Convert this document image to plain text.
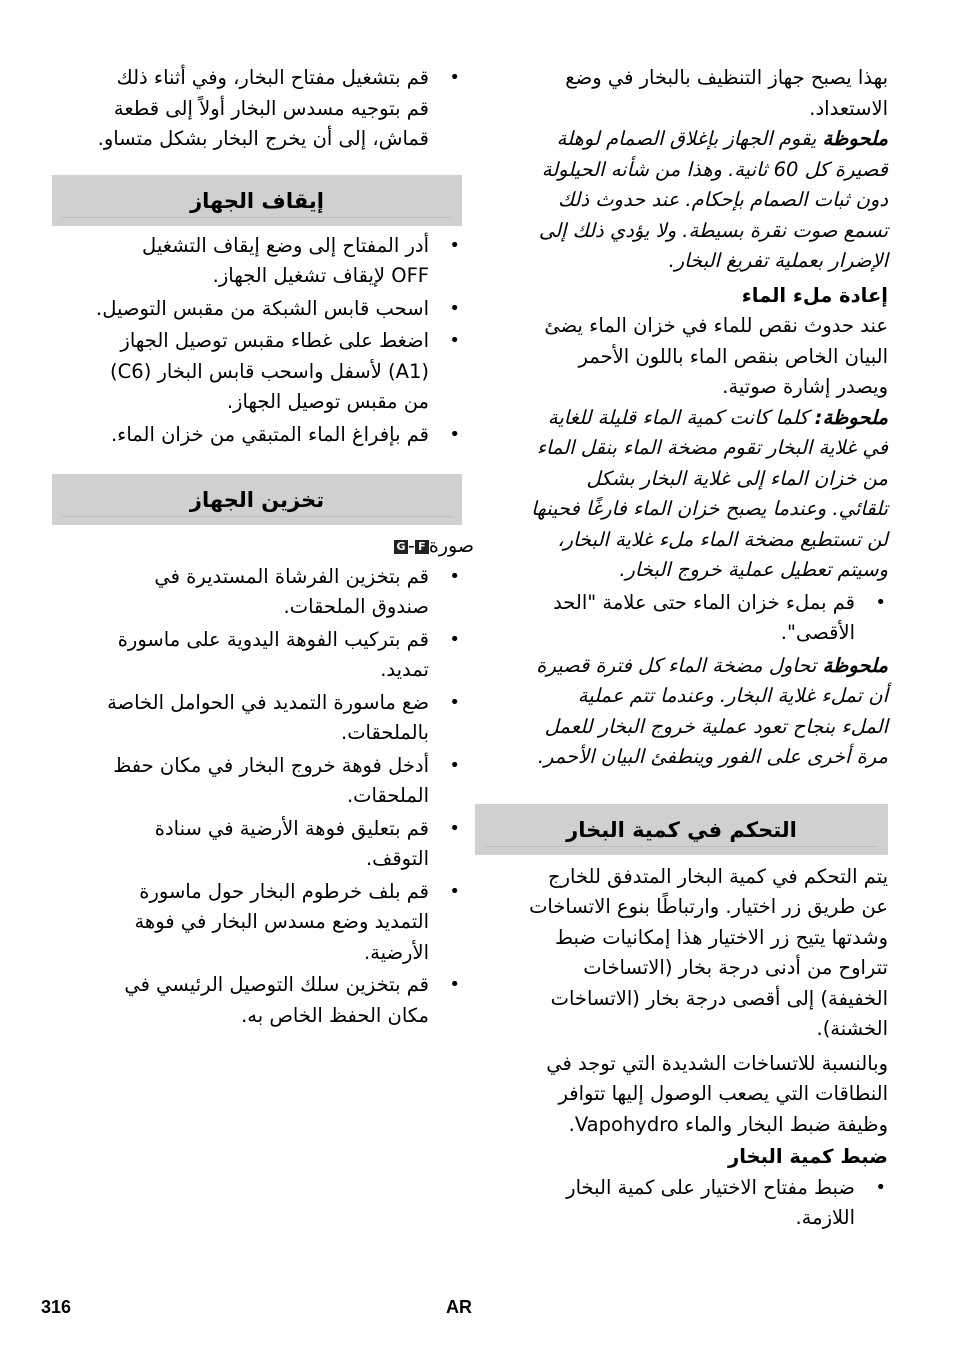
بهذا يصبح جهاز التنظيف بالبخار في وضع
الاستعداد.

ملحوظة يقوم الجهاز بإغلاق الصمام لوهلة
قصيرة كل 60 ثانية. وهذا من شأنه الحيلولة
دون ثبات الصمام بإحكام. عند حدوث ذلك
تسمع صوت نقرة بسيطة. ولا يؤدي ذلك إلى
الإضرار بعملية تفريغ البخار.

إعادة ملء الماء

عند حدوث نقص للماء في خزان الماء يضئ
البيان الخاص بنقص الماء باللون الأحمر
ويصدر إشارة صوتية.

ملحوظة: كلما كانت كمية الماء قليلة للغاية
في غلاية البخار تقوم مضخة الماء بنقل الماء
من خزان الماء إلى غلاية البخار بشكل
تلقائي. وعندما يصبح خزان الماء فارغًا فحينها
لن تستطيع مضخة الماء ملء غلاية البخار،
وسيتم تعطيل عملية خروج البخار.

• قم بملء خزان الماء حتى علامة "الحد
الأقصى".

ملحوظة تحاول مضخة الماء كل فترة قصيرة
أن تملء غلاية البخار. وعندما تتم عملية
الملء بنجاح تعود عملية خروج البخار للعمل
مرة أخرى على الفور وينطفئ البيان الأحمر.

التحكم في كمية البخار

يتم التحكم في كمية البخار المتدفق للخارج
عن طريق زر اختيار. وارتباطًا بنوع الاتساخات
وشدتها يتيح زر الاختيار هذا إمكانيات ضبط
تتراوح من أدنى درجة بخار (الاتساخات
الخفيفة) إلى أقصى درجة بخار (الاتساخات
الخشنة).

وبالنسبة للاتساخات الشديدة التي توجد في
النطاقات التي يصعب الوصول إليها تتوافر
وظيفة ضبط البخار والماء Vapohydro.

ضبط كمية البخار

• ضبط مفتاح الاختيار على كمية البخار
اللازمة.
• قم بتشغيل مفتاح البخار، وفي أثناء ذلك
قم بتوجيه مسدس البخار أولاً إلى قطعة
قماش، إلى أن يخرج البخار بشكل متساو.
إيقاف الجهاز
• أدر المفتاح إلى وضع إيقاف التشغيل
OFF لإيقاف تشغيل الجهاز.
• اسحب قابس الشبكة من مقبس التوصيل.
• اضغط على غطاء مقبس توصيل الجهاز
(A1) لأسفل واسحب قابس البخار (C6)
من مقبس توصيل الجهاز.
• قم بإفراغ الماء المتبقي من خزان الماء.
تخزين الجهاز

صورةF-G

• قم بتخزين الفرشاة المستديرة في
صندوق الملحقات.
• قم بتركيب الفوهة اليدوية على ماسورة
تمديد.
• ضع ماسورة التمديد في الحوامل الخاصة
بالملحقات.
• أدخل فوهة خروج البخار في مكان حفظ
الملحقات.
• قم بتعليق فوهة الأرضية في سنادة
التوقف.
• قم بلف خرطوم البخار حول ماسورة
التمديد وضع مسدس البخار في فوهة
الأرضية.
• قم بتخزين سلك التوصيل الرئيسي في
مكان الحفظ الخاص به.
316	AR
